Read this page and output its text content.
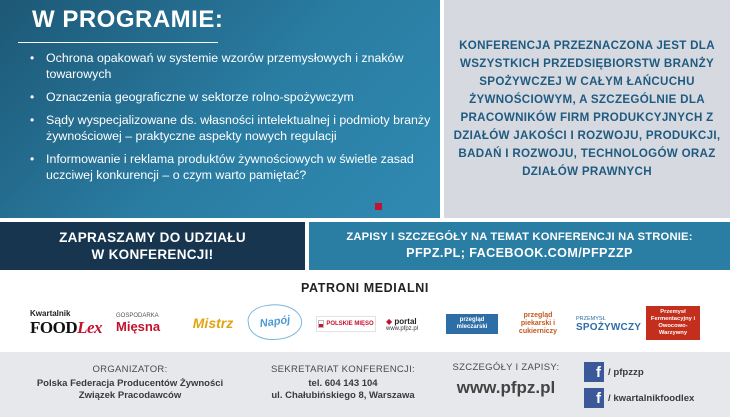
W PROGRAMIE:
• Ochrona opakowań w systemie wzorów przemysłowych i znaków towarowych
• Oznaczenia geograficzne w sektorze rolno-spożywczym
• Sądy wyspecjalizowane ds. własności intelektualnej i podmioty branży żywnościowej – praktyczne aspekty nowych regulacji
• Informowanie i reklama produktów żywnościowych w świetle zasad uczciwej konkurencji – o czym warto pamiętać?

KONFERENCJA PRZEZNACZONA JEST DLA WSZYSTKICH PRZEDSIĘBIORSTW BRANŻY SPOŻYWCZEJ W CAŁYM ŁAŃCUCHU ŻYWNOŚCIOWYM, A SZCZEGÓLNIE DLA PRACOWNIKÓW FIRM PRODUKCYJNYCH Z DZIAŁÓW JAKOŚCI I ROZWOJU, PRODUKCJI, BADAŃ I ROZWOJU, TECHNOLOGÓW ORAZ DZIAŁÓW PRAWNYCH

ZAPRASZAMY DO UDZIAŁU W KONFERENCJI!

ZAPISY I SZCZEGÓŁY NA TEMAT KONFERENCJI NA STRONIE:

PFPZ.PL; FACEBOOK.COM/PFPZZP

PATRONI MEDIALNI
Kwartalnik
FOODLex
GOSPODARKA
Mięsna	Mistrz Napój	POLSKIE MIĘSO ◆ portal
www.pfpz.pl
przegląd mleczarski
przegląd piekarski i cukierniczy
PRZEMYSŁ
SPOŻYWCZY
Przemysł Fermentacyjny i Owocowo-Warzywny

ORGANIZATOR:

Polska Federacja Producentów Żywności

Związek Pracodawców

SEKRETARIAT KONFERENCJI:

tel. 604 143 104

ul. Chałubińskiego 8, Warszawa

SZCZEGÓŁY I ZAPISY:

www.pfpz.pl

f / pfpzzp
f / kwartalnikfoodlex
